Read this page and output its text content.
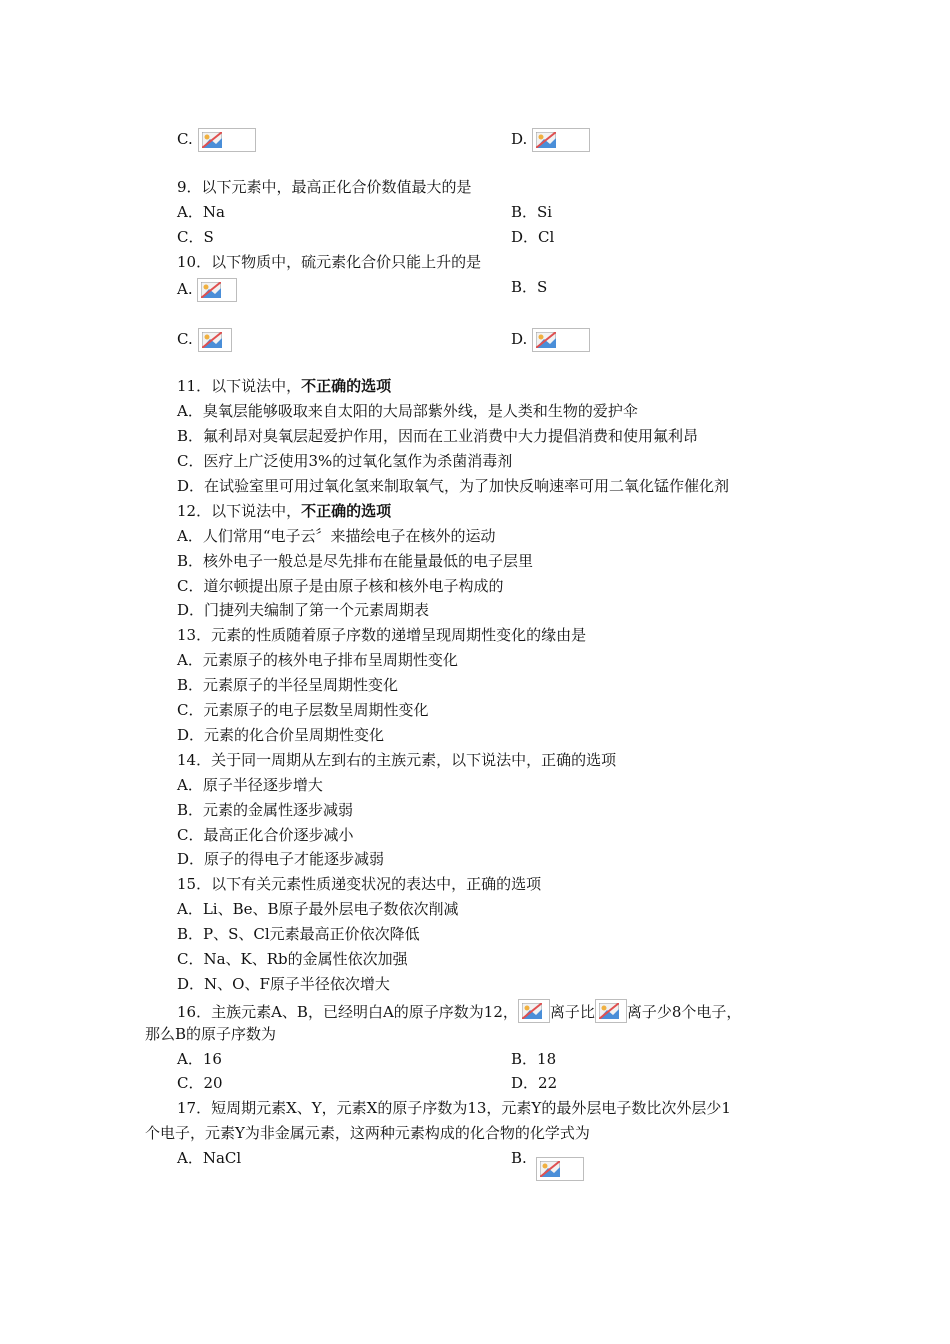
C.	D.
9．以下元素中，最高正化合价数值最大的是
A．Na	B．Si
C．S	D．Cl
10．以下物质中，硫元素化合价只能上升的是
A.	B．S
C.	D.
11．以下说法中，不正确的选项
A．臭氧层能够吸取来自太阳的大局部紫外线，是人类和生物的爱护伞
B．氟利昂对臭氧层起爱护作用，因而在工业消费中大力提倡消费和使用氟利昂
C．医疗上广泛使用3%的过氧化氢作为杀菌消毒剂
D．在试验室里可用过氧化氢来制取氧气，为了加快反响速率可用二氧化锰作催化剂
12．以下说法中，不正确的选项
A．人们常用“电子云〞来描绘电子在核外的运动
B．核外电子一般总是尽先排布在能量最低的电子层里
C．道尔顿提出原子是由原子核和核外电子构成的
D．门捷列夫编制了第一个元素周期表
13．元素的性质随着原子序数的递增呈现周期性变化的缘由是
A．元素原子的核外电子排布呈周期性变化
B．元素原子的半径呈周期性变化
C．元素原子的电子层数呈周期性变化
D．元素的化合价呈周期性变化
14．关于同一周期从左到右的主族元素，以下说法中，正确的选项
A．原子半径逐步增大
B．元素的金属性逐步减弱
C．最高正化合价逐步减小
D．原子的得电子才能逐步减弱
15．以下有关元素性质递变状况的表达中，正确的选项
A．Li、Be、B原子最外层电子数依次削减
B．P、S、Cl元素最高正价依次降低
C．Na、K、Rb的金属性依次加强
D．N、O、F原子半径依次增大
16．主族元素A、B，已经明白A的原子序数为12， 离子比 离子少8个电子，
那么B的原子序数为
A．16	B．18
C．20	D．22
17．短周期元素X、Y，元素X的原子序数为13，元素Y的最外层电子数比次外层少1
个电子，元素Y为非金属元素，这两种元素构成的化合物的化学式为
A．NaCl	B.
